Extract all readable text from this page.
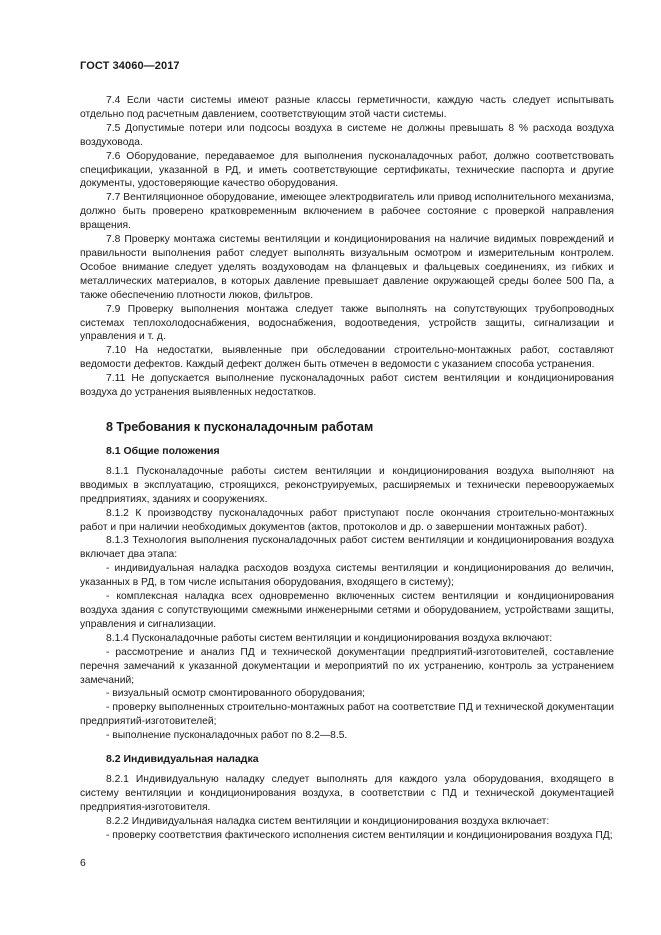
ГОСТ 34060—2017

7.4 Если части системы имеют разные классы герметичности, каждую часть следует испытывать отдельно под расчетным давлением, соответствующим этой части системы.

7.5 Допустимые потери или подсосы воздуха в системе не должны превышать 8 % расхода воздуха воздуховода.

7.6 Оборудование, передаваемое для выполнения пусконаладочных работ, должно соответствовать спецификации, указанной в РД, и иметь соответствующие сертификаты, технические паспорта и другие документы, удостоверяющие качество оборудования.

7.7 Вентиляционное оборудование, имеющее электродвигатель или привод исполнительного механизма, должно быть проверено кратковременным включением в рабочее состояние с проверкой направления вращения.

7.8 Проверку монтажа системы вентиляции и кондиционирования на наличие видимых повреждений и правильности выполнения работ следует выполнять визуальным осмотром и измерительным контролем. Особое внимание следует уделять воздуховодам на фланцевых и фальцевых соединениях, из гибких и металлических материалов, в которых давление превышает давление окружающей среды более 500 Па, а также обеспечению плотности люков, фильтров.

7.9 Проверку выполнения монтажа следует также выполнять на сопутствующих трубопроводных системах теплохолодоснабжения, водоснабжения, водоотведения, устройств защиты, сигнализации и управления и т. д.

7.10 На недостатки, выявленные при обследовании строительно-монтажных работ, составляют ведомости дефектов. Каждый дефект должен быть отмечен в ведомости с указанием способа устранения.

7.11 Не допускается выполнение пусконаладочных работ систем вентиляции и кондиционирования воздуха до устранения выявленных недостатков.

8 Требования к пусконаладочным работам
8.1 Общие положения

8.1.1 Пусконаладочные работы систем вентиляции и кондиционирования воздуха выполняют на вводимых в эксплуатацию, строящихся, реконструируемых, расширяемых и технически перевооружаемых предприятиях, зданиях и сооружениях.

8.1.2 К производству пусконаладочных работ приступают после окончания строительно-монтажных работ и при наличии необходимых документов (актов, протоколов и др. о завершении монтажных работ).

8.1.3 Технология выполнения пусконаладочных работ систем вентиляции и кондиционирования воздуха включает два этапа:

- индивидуальная наладка расходов воздуха системы вентиляции и кондиционирования до величин, указанных в РД, в том числе испытания оборудования, входящего в систему);

- комплексная наладка всех одновременно включенных систем вентиляции и кондиционирования воздуха здания с сопутствующими смежными инженерными сетями и оборудованием, устройствами защиты, управления и сигнализации.

8.1.4 Пусконаладочные работы систем вентиляции и кондиционирования воздуха включают:

- рассмотрение и анализ ПД и технической документации предприятий-изготовителей, составление перечня замечаний к указанной документации и мероприятий по их устранению, контроль за устранением замечаний;

- визуальный осмотр смонтированного оборудования;

- проверку выполненных строительно-монтажных работ на соответствие ПД и технической документации предприятий-изготовителей;

- выполнение пусконаладочных работ по 8.2—8.5.

8.2 Индивидуальная наладка

8.2.1 Индивидуальную наладку следует выполнять для каждого узла оборудования, входящего в систему вентиляции и кондиционирования воздуха, в соответствии с ПД и технической документацией предприятия-изготовителя.

8.2.2 Индивидуальная наладка систем вентиляции и кондиционирования воздуха включает:

- проверку соответствия фактического исполнения систем вентиляции и кондиционирования воздуха ПД;

6
